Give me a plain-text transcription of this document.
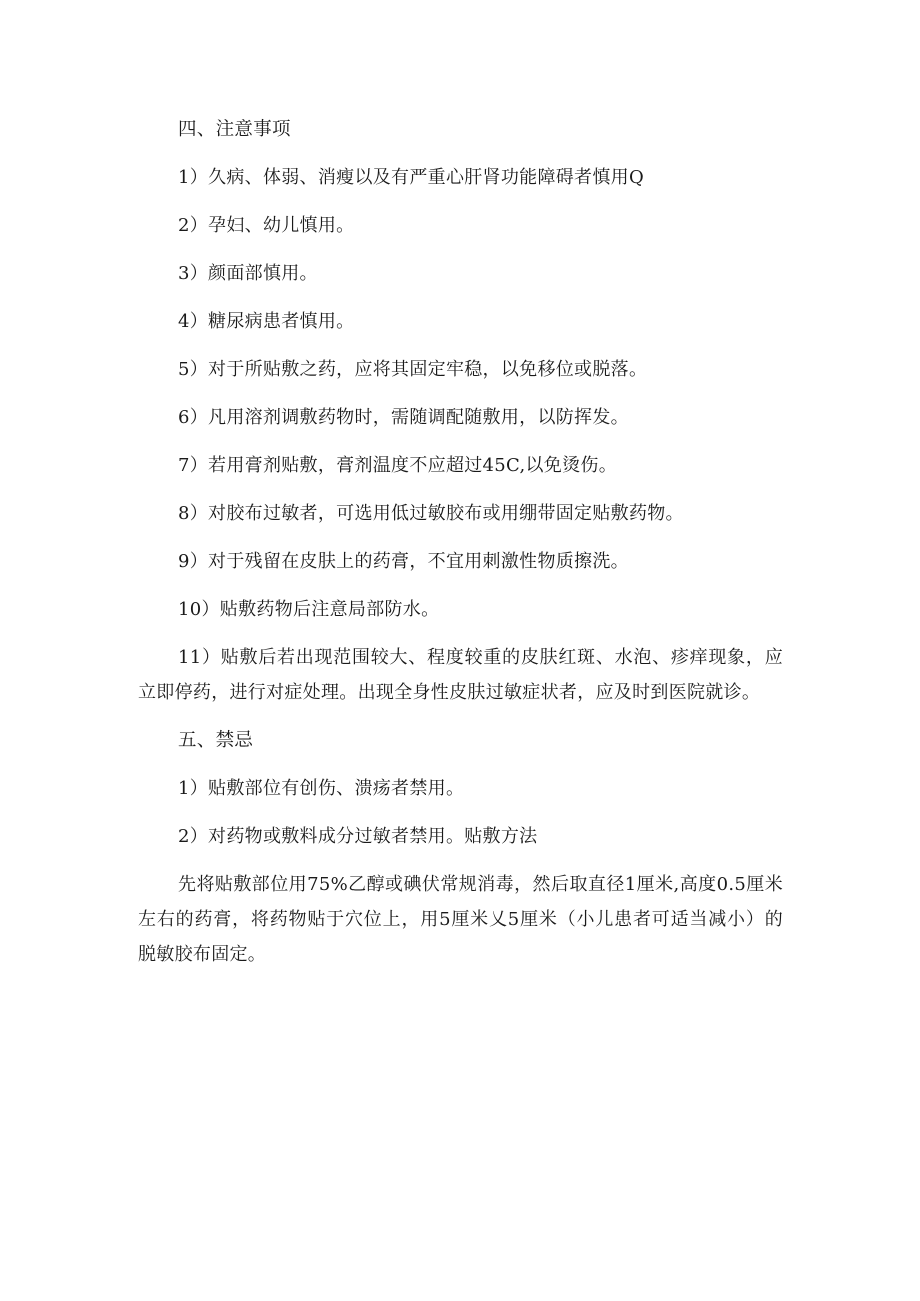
四、注意事项

1）久病、体弱、消瘦以及有严重心肝肾功能障碍者慎用Q

2）孕妇、幼儿慎用。

3）颜面部慎用。

4）糖尿病患者慎用。

5）对于所贴敷之药，应将其固定牢稳，以免移位或脱落。

6）凡用溶剂调敷药物时，需随调配随敷用，以防挥发。

7）若用膏剂贴敷，膏剂温度不应超过45C,以免烫伤。

8）对胶布过敏者，可选用低过敏胶布或用绷带固定贴敷药物。

9）对于残留在皮肤上的药膏，不宜用刺激性物质擦洗。

10）贴敷药物后注意局部防水。

11）贴敷后若出现范围较大、程度较重的皮肤红斑、水泡、疹痒现象，应立即停药，进行对症处理。出现全身性皮肤过敏症状者，应及时到医院就诊。

五、禁忌

1）贴敷部位有创伤、溃疡者禁用。

2）对药物或敷料成分过敏者禁用。贴敷方法

先将贴敷部位用75%乙醇或碘伏常规消毒，然后取直径1厘米,高度0.5厘米左右的药膏，将药物贴于穴位上，用5厘米乂5厘米（小儿患者可适当减小）的脱敏胶布固定。
